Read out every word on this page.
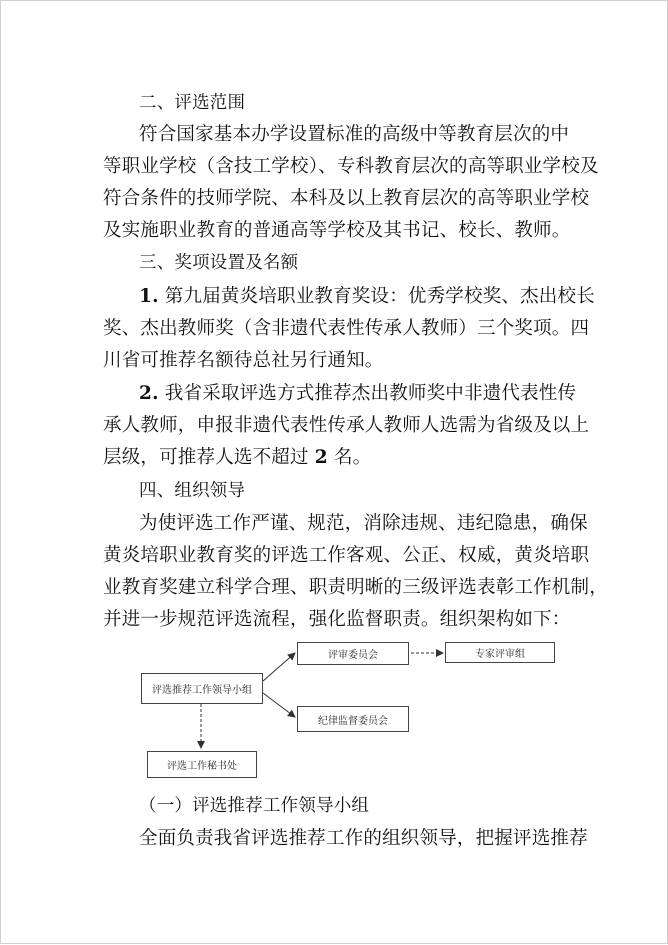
二、评选范围
符合国家基本办学设置标准的高级中等教育层次的中
等职业学校（含技工学校）、专科教育层次的高等职业学校及
符合条件的技师学院、本科及以上教育层次的高等职业学校
及实施职业教育的普通高等学校及其书记、校长、教师。
三、奖项设置及名额
1. 第九届黄炎培职业教育奖设：优秀学校奖、杰出校长
奖、杰出教师奖（含非遗代表性传承人教师）三个奖项。四
川省可推荐名额待总社另行通知。
2. 我省采取评选方式推荐杰出教师奖中非遗代表性传
承人教师，申报非遗代表性传承人教师人选需为省级及以上
层级，可推荐人选不超过 2 名。
四、组织领导
为使评选工作严谨、规范，消除违规、违纪隐患，确保
黄炎培职业教育奖的评选工作客观、公正、权威，黄炎培职
业教育奖建立科学合理、职责明晰的三级评选表彰工作机制，
并进一步规范评选流程，强化监督职责。组织架构如下：
评选推荐工作领导小组
评审委员会	专家评审组
纪律监督委员会
评选工作秘书处
（一）评选推荐工作领导小组
全面负责我省评选推荐工作的组织领导，把握评选推荐
